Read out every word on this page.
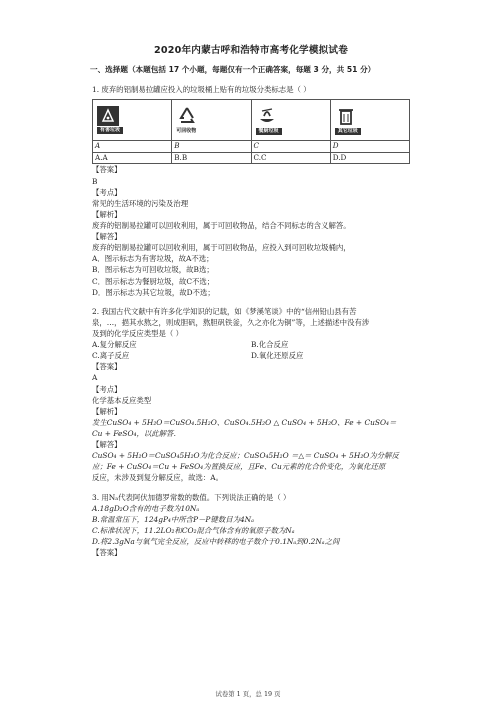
2020年内蒙古呼和浩特市高考化学模拟试卷

一、选择题（本题包括 17 个小题，每题仅有一个正确答案，每题 3 分，共 51 分）

1. 废弃的铝制易拉罐应投入的垃圾桶上贴有的垃圾分类标志是（ ）

有害垃圾	可回收物	餐厨垃圾	其它垃圾

A	B	C	D
A.A	B.B	C.C	D.D

【答案】

B

【考点】

常见的生活环境的污染及治理

【解析】

废弃的铝制易拉罐可以回收利用，属于可回收物品，结合不同标志的含义解答。

【解答】

废弃的铝制易拉罐可以回收利用，属于可回收物品，应投入到可回收垃圾桶内，

A．图示标志为有害垃圾，故A不选；

B．图示标志为可回收垃圾，故B选；

C．图示标志为餐厨垃圾，故C不选；

D．图示标志为其它垃圾，故D不选；

2. 我国古代文献中有许多化学知识的记载，如《梦溪笔谈》中的“信州铅山县有苦

泉，…，挹其水熬之，则成胆矾，熬胆矾铁釜，久之亦化为铜”等，上述描述中没有涉

及到的化学反应类型是（ ）

A.复分解反应	B.化合反应
C.离子反应	D.氧化还原反应

【答案】

A

【考点】

化学基本反应类型

【解析】

发生CuSO₄ + 5H₂O＝CuSO₄.5H₂O、CuSO₄.5H₂O △ CuSO₄ + 5H₂O、Fe + CuSO₄＝

Cu + FeSO₄，以此解答．

【解答】

CuSO₄ + 5H₂O＝CuSO₄5H₂O为化合反应；CuSO₄5H₂O ＝△＝ CuSO₄ + 5H₂O为分解反

应；Fe + CuSO₄＝Cu + FeSO₄为置换反应，且Fe、Cu元素的化合价变化，为氧化还原

反应，未涉及到复分解反应，故选：A。

3. 用Nₐ代表阿伏加德罗常数的数值。下列说法正确的是（ ）

A.18gD₂O含有的电子数为10Nₐ

B.常温常压下，124gP₄中所含P－P键数目为4Nₐ

C.标准状况下，11.2LO₂和CO₂混合气体含有的氧原子数为Nₐ

D.将2.3gNa与氧气完全反应，反应中转移的电子数介于0.1Nₐ到0.2Nₐ之间

【答案】

试卷第 1 页，总 19 页
